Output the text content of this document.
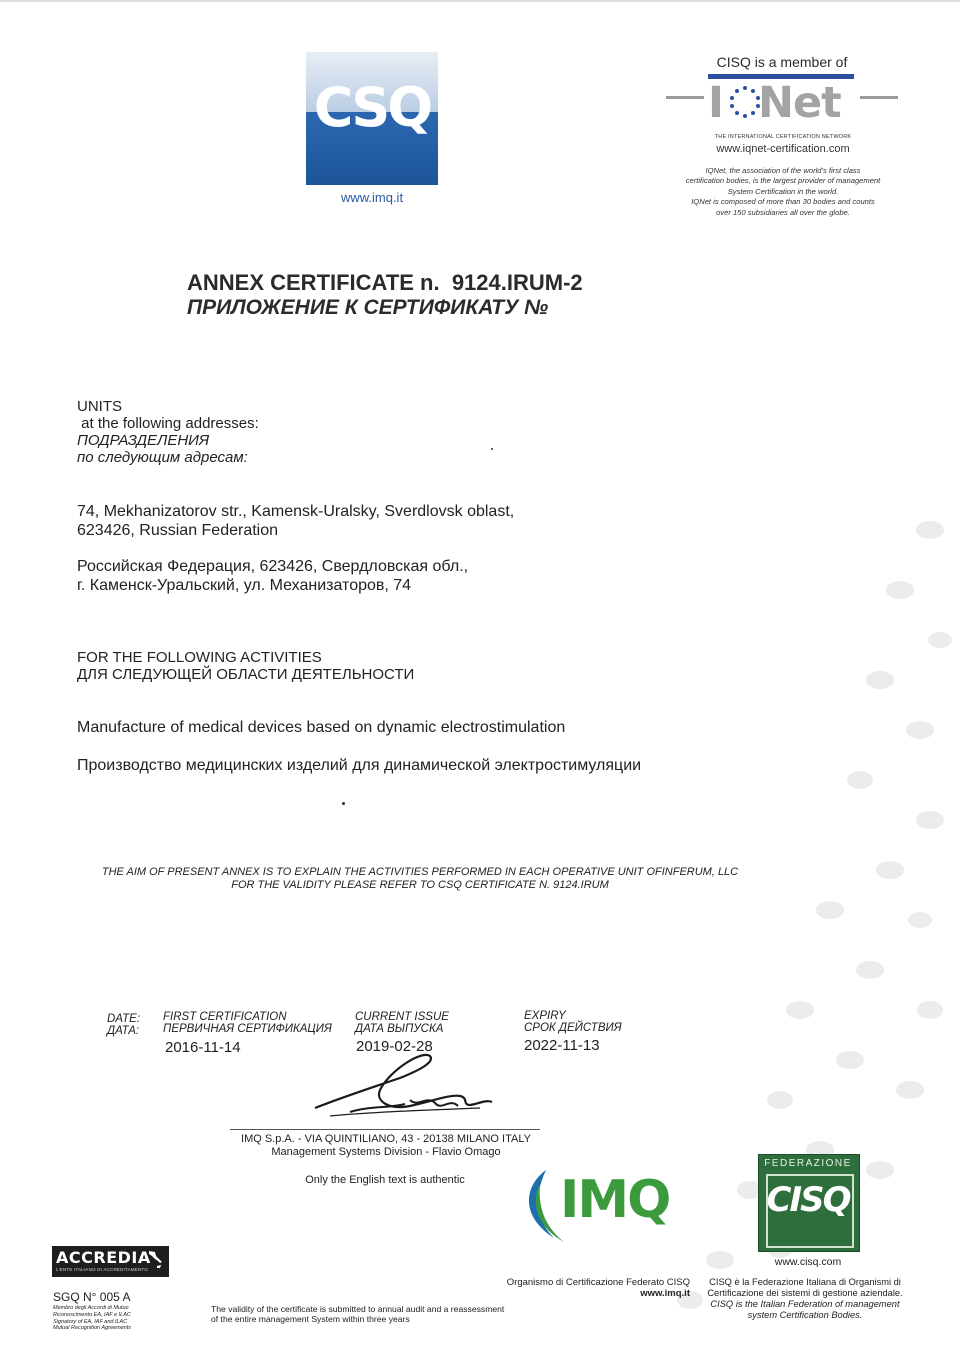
CSQ
www.imq.it
CISQ is a member of
I Net
THE INTERNATIONAL CERTIFICATION NETWORK
www.iqnet-certification.com
IQNet, the association of the world's first class
certification bodies, is the largest provider of management
System Certification in the world.
IQNet is composed of more than 30 bodies and counts
over 150 subsidiaries all over the globe.
ANNEX CERTIFICATE n.  9124.IRUM-2
ПРИЛОЖЕНИЕ К СЕРТИФИКАТУ №
UNITS
at the following addresses:
ПОДРАЗДЕЛЕНИЯ
по следующим адресам:
74, Mekhanizatorov str., Kamensk-Uralsky, Sverdlovsk oblast,
623426, Russian Federation
Российская Федерация, 623426, Свердловская обл.,
г. Каменск-Уральский, ул. Механизаторов, 74
FOR THE FOLLOWING ACTIVITIES
ДЛЯ СЛЕДУЮЩЕЙ ОБЛАСТИ ДЕЯТЕЛЬНОСТИ
Manufacture of medical devices based on dynamic electrostimulation
Производство медицинских изделий для динамической электростимуляции
THE AIM OF PRESENT ANNEX IS TO EXPLAIN THE ACTIVITIES PERFORMED IN EACH OPERATIVE UNIT OFINFERUM, LLC
FOR THE VALIDITY PLEASE REFER TO CSQ CERTIFICATE N. 9124.IRUM
DATE:
ДАТА:
FIRST CERTIFICATION
ПЕРВИЧНАЯ СЕРТИФИКАЦИЯ
2016-11-14
CURRENT ISSUE
ДАТА ВЫПУСКА
2019-02-28
EXPIRY
СРОК ДЕЙСТВИЯ
2022-11-13
IMQ S.p.A. - VIA QUINTILIANO, 43 - 20138 MILANO ITALY
Management Systems Division - Flavio Omago
Only the English text is authentic	IMQ
FEDERAZIONE
CISQ
www.cisq.com
ACCREDIA
L'ENTE ITALIANO DI ACCREDITAMENTO
SGQ N° 005 A
Membro degli Accordi di Mutuo
Riconoscimento EA, IAF e ILAC
Signatory of EA, IAF and ILAC
Mutual Recognition Agreements
Organismo di Certificazione Federato CISQ
www.imq.it
The validity of the certificate is submitted to annual audit and a reassessment
of the entire management System within three years
CISQ è la Federazione Italiana di Organismi di
Certificazione dei sistemi di gestione aziendale.
CISQ is the Italian Federation of management
system Certification Bodies.
